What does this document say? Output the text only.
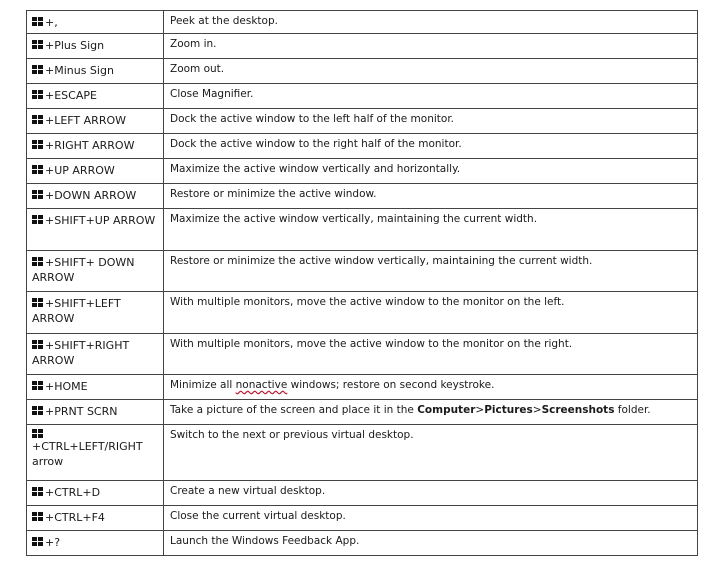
+,	Peek at the desktop.

+Plus Sign	Zoom in.

+Minus Sign	Zoom out.

+ESCAPE	Close Magnifier.

+LEFT ARROW	Dock the active window to the left half of the monitor.

+RIGHT ARROW	Dock the active window to the right half of the monitor.

+UP ARROW	Maximize the active window vertically and horizontally.

+DOWN ARROW	Restore or minimize the active window.

+SHIFT+UP ARROW	Maximize the active window vertically, maintaining the current width.

+SHIFT+ DOWN ARROW	Restore or minimize the active window vertically, maintaining the current width.

+SHIFT+LEFT ARROW	With multiple monitors, move the active window to the monitor on the left.

+SHIFT+RIGHT ARROW	With multiple monitors, move the active window to the monitor on the right.

+HOME	Minimize all nonactive windows; restore on second keystroke.

+PRNT SCRN	Take a picture of the screen and place it in the Computer>Pictures>Screenshots folder.

+CTRL+LEFT/RIGHT arrow	Switch to the next or previous virtual desktop.

+CTRL+D	Create a new virtual desktop.

+CTRL+F4	Close the current virtual desktop.

+?	Launch the Windows Feedback App.
